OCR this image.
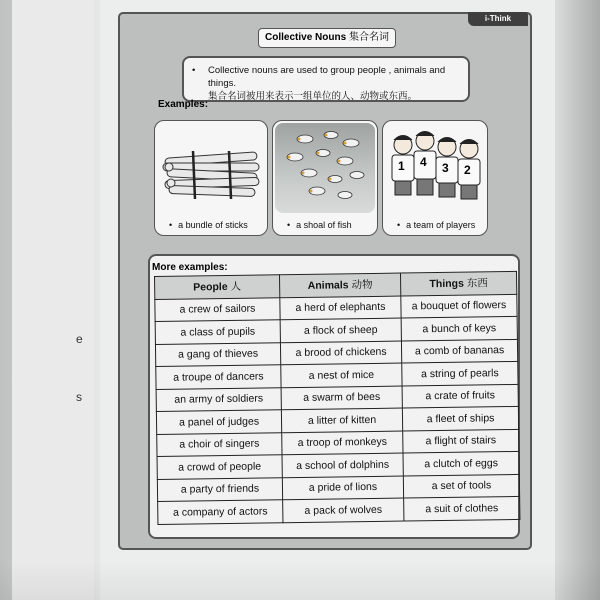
e
s
i-Think
Collective Nouns 集合名词
•	Collective nouns are used to group people , animals and things.
集合名词被用来表示一组单位的人、动物或东西。
Examples:
• a bundle of sticks	• a shoal of fish
1 4 3 2
• a team of players
More examples:
People 人	Animals 动物	Things 东西
a crew of sailors	a herd of elephants	a bouquet of flowers
a class of pupils	a flock of sheep	a bunch of keys
a gang of thieves	a brood of chickens	a comb of bananas
a troupe of dancers	a nest of mice	a string of pearls
an army of soldiers	a swarm of bees	a crate of fruits
a panel of judges	a litter of kitten	a fleet of ships
a choir of singers	a troop of monkeys	a flight of stairs
a crowd of people	a school of dolphins	a clutch of eggs
a party of friends	a pride of lions	a set of tools
a company of actors	a pack of wolves	a suit of clothes
